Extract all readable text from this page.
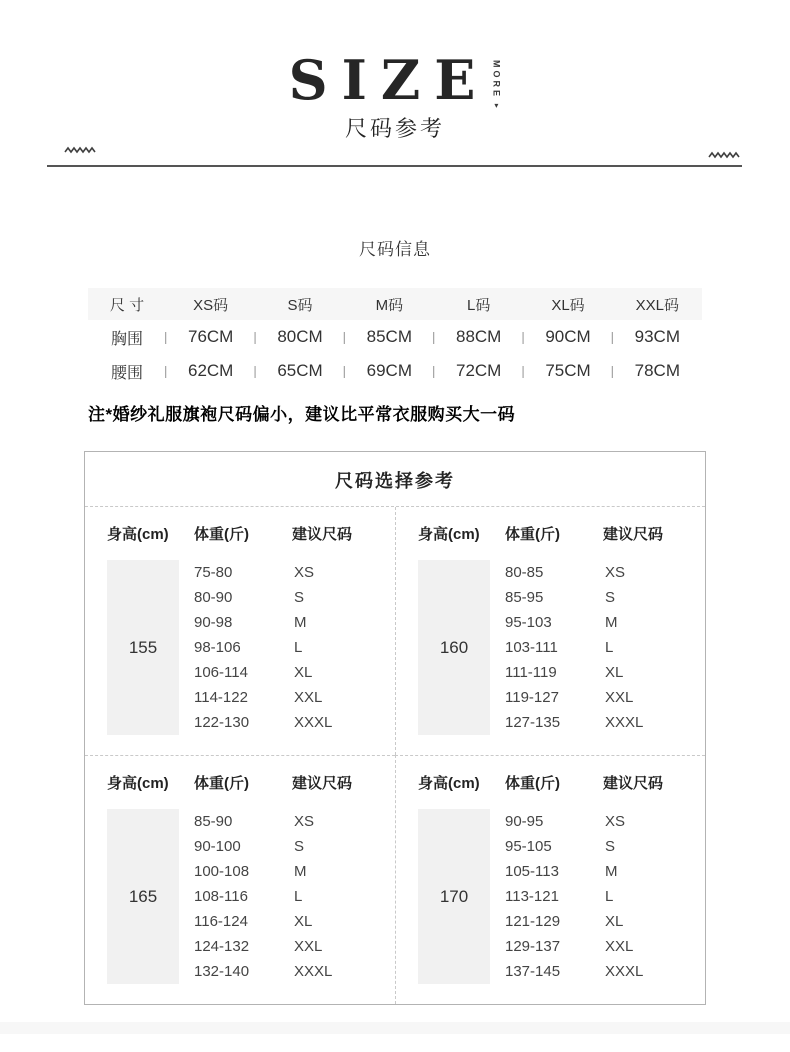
SIZE MORE
▾
尺码参考
尺码信息
尺 寸	XS码	S码	M码	L码	XL码	XXL码
胸围	| 76CM	| 80CM	| 85CM	| 88CM	| 90CM	| 93CM
腰围	| 62CM	| 65CM	| 69CM	| 72CM	| 75CM	| 78CM
注*婚纱礼服旗袍尺码偏小，建议比平常衣服购买大一码
尺码选择参考
身高(cm)	体重(斤)	建议尺码
155
75-80	XS
80-90	S
90-98	M
98-106	L
106-114	XL
114-122	XXL
122-130	XXXL
身高(cm)	体重(斤)	建议尺码
160
80-85	XS
85-95	S
95-103	M
103-111	L
111-119	XL
119-127	XXL
127-135	XXXL
身高(cm)	体重(斤)	建议尺码
165
85-90	XS
90-100	S
100-108	M
108-116	L
116-124	XL
124-132	XXL
132-140	XXXL
身高(cm)	体重(斤)	建议尺码
170
90-95	XS
95-105	S
105-113	M
113-121	L
121-129	XL
129-137	XXL
137-145	XXXL
